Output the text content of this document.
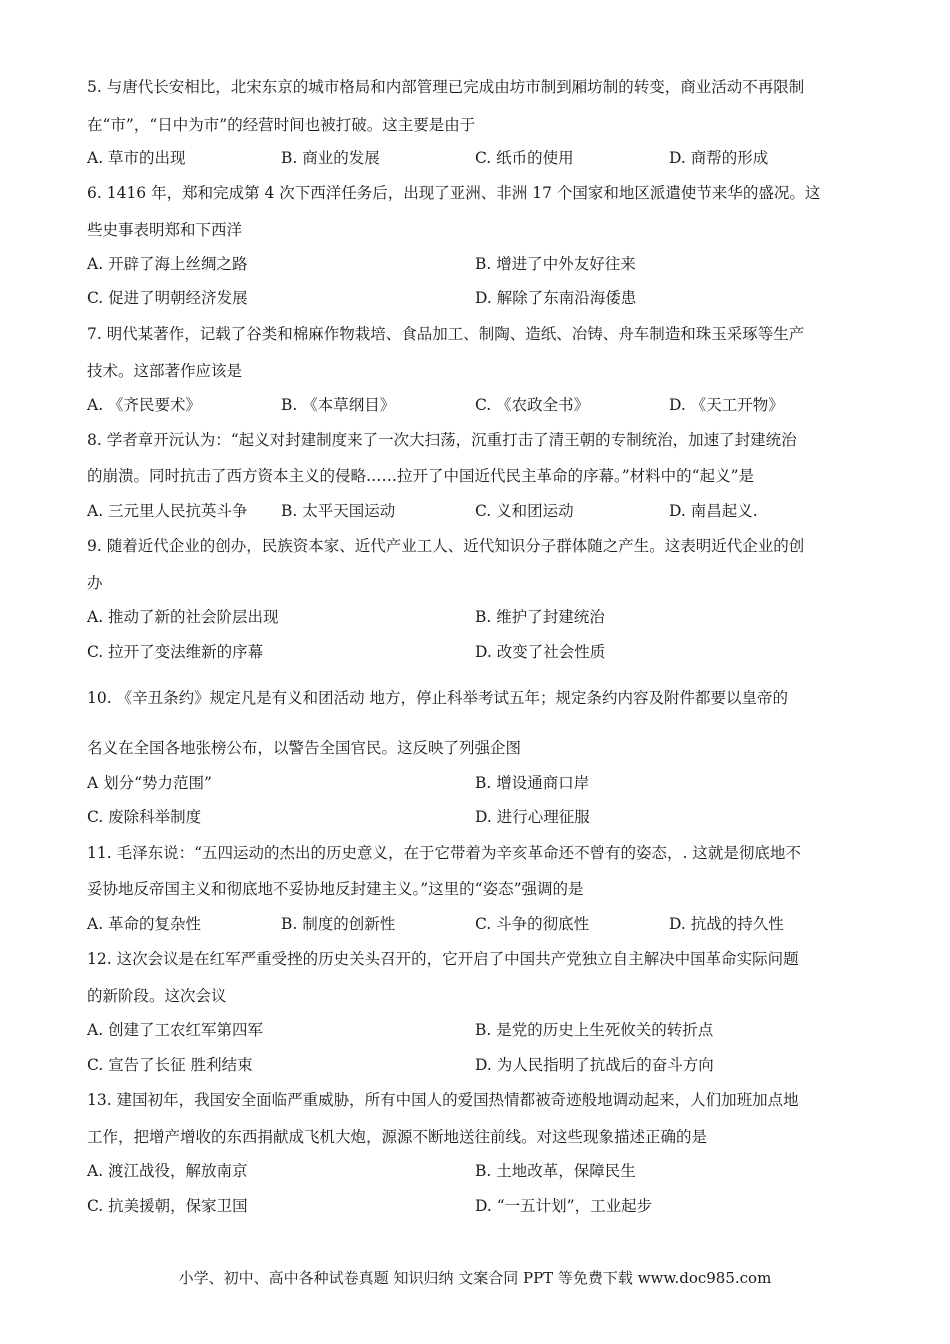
5. 与唐代长安相比，北宋东京的城市格局和内部管理已完成由坊市制到厢坊制的转变，商业活动不再限制
在“市”，“日中为市”的经营时间也被打破。这主要是由于
A. 草市的出现	B. 商业的发展	C. 纸币的使用	D. 商帮的形成
6. 1416 年，郑和完成第 4 次下西洋任务后，出现了亚洲、非洲 17 个国家和地区派遣使节来华的盛况。这
些史事表明郑和下西洋
A. 开辟了海上丝绸之路	B. 增进了中外友好往来
C. 促进了明朝经济发展	D. 解除了东南沿海倭患
7. 明代某著作，记载了谷类和棉麻作物栽培、食品加工、制陶、造纸、冶铸、舟车制造和珠玉采琢等生产
技术。这部著作应该是
A. 《齐民要术》	B. 《本草纲目》	C. 《农政全书》	D. 《天工开物》
8. 学者章开沅认为：“起义对封建制度来了一次大扫荡，沉重打击了清王朝的专制统治，加速了封建统治
的崩溃。同时抗击了西方资本主义的侵略……拉开了中国近代民主革命的序幕。”材料中的“起义”是
A. 三元里人民抗英斗争 B. 太平天国运动	C. 义和团运动	D. 南昌起义.
9. 随着近代企业的创办，民族资本家、近代产业工人、近代知识分子群体随之产生。这表明近代企业的创
办
A. 推动了新的社会阶层出现	B. 维护了封建统治
C. 拉开了变法维新的序幕	D. 改变了社会性质
10. 《辛丑条约》规定凡是有义和团活动 地方，停止科举考试五年；规定条约内容及附件都要以皇帝的
名义在全国各地张榜公布，以警告全国官民。这反映了列强企图
A 划分“势力范围”	B. 增设通商口岸
C. 废除科举制度	D. 进行心理征服
11. 毛泽东说：“五四运动的杰出的历史意义，在于它带着为辛亥革命还不曾有的姿态，. 这就是彻底地不
妥协地反帝国主义和彻底地不妥协地反封建主义。”这里的“姿态”强调的是
A. 革命的复杂性	B. 制度的创新性	C. 斗争的彻底性	D. 抗战的持久性
12. 这次会议是在红军严重受挫的历史关头召开的，它开启了中国共产党独立自主解决中国革命实际问题
的新阶段。这次会议
A. 创建了工农红军第四军	B. 是党的历史上生死攸关的转折点
C. 宣告了长征 胜利结束	D. 为人民指明了抗战后的奋斗方向
13. 建国初年，我国安全面临严重威胁，所有中国人的爱国热情都被奇迹般地调动起来，人们加班加点地
工作，把增产增收的东西捐献成飞机大炮，源源不断地送往前线。对这些现象描述正确的是
A. 渡江战役，解放南京	B. 土地改革，保障民生
C. 抗美援朝，保家卫国	D. “一五计划”，工业起步
小学、初中、高中各种试卷真题 知识归纳 文案合同 PPT 等免费下载 www.doc985.com
